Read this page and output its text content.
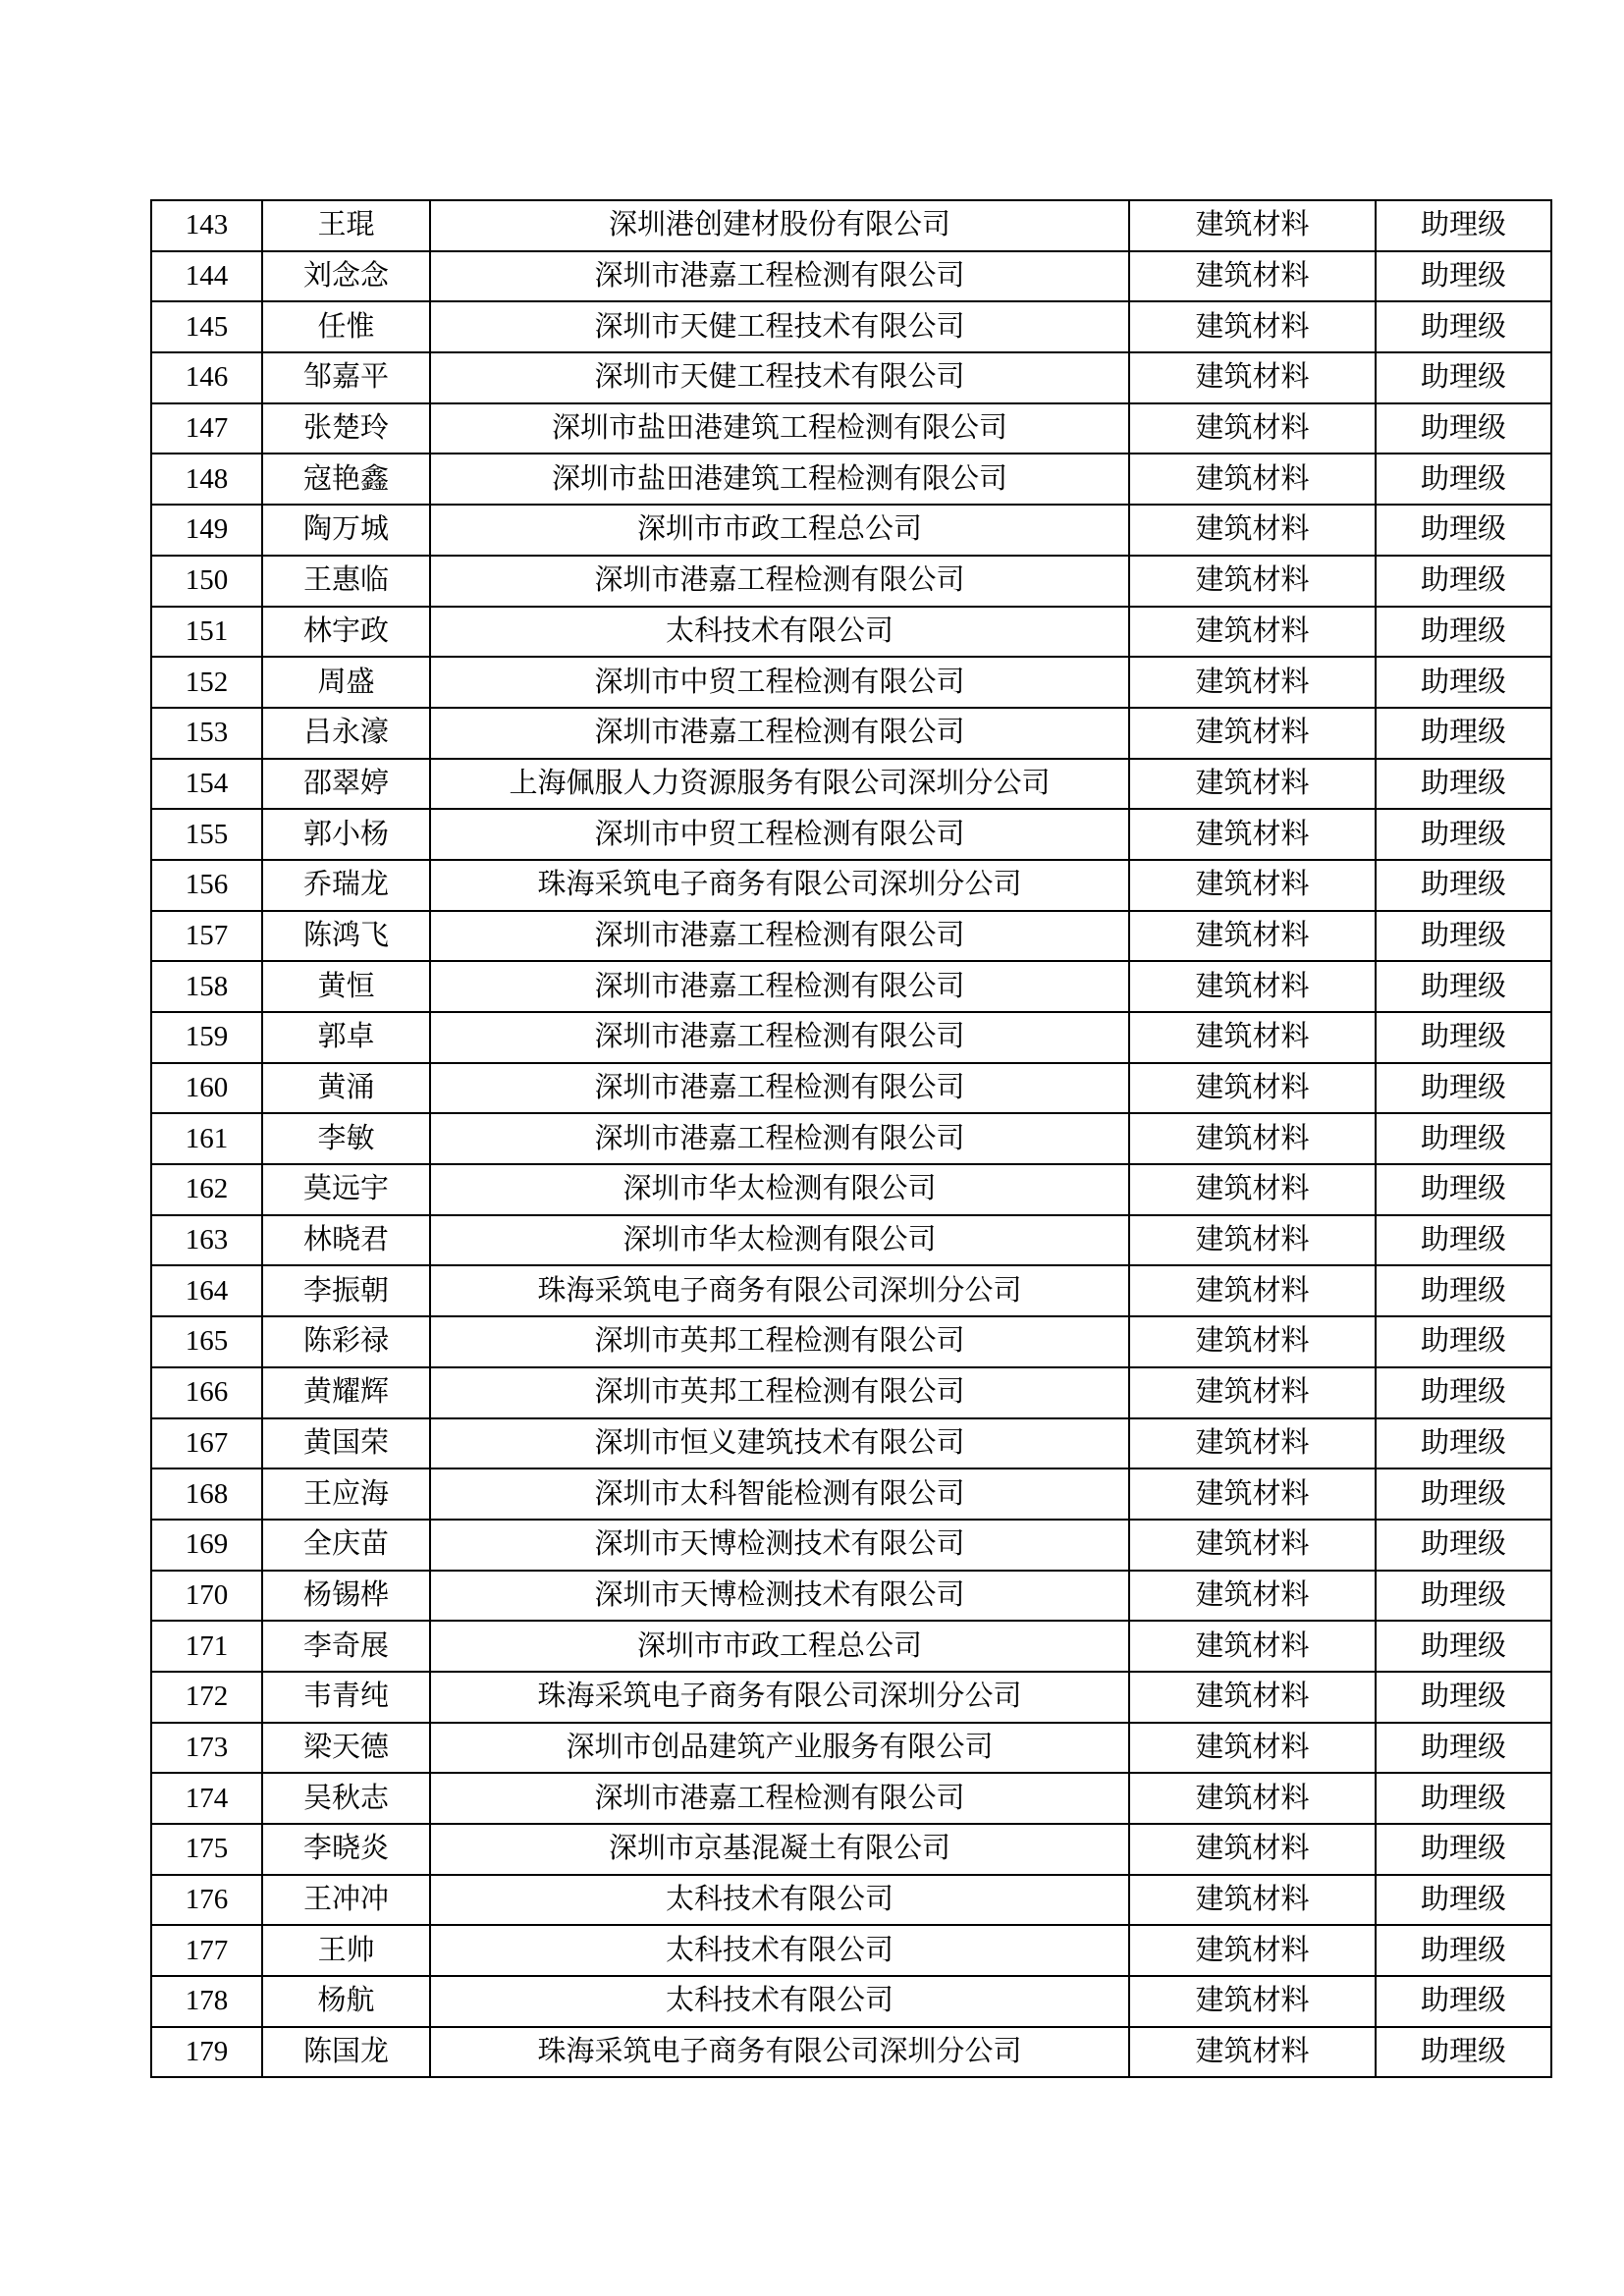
143	王琨	深圳港创建材股份有限公司	建筑材料	助理级
144	刘念念	深圳市港嘉工程检测有限公司	建筑材料	助理级
145	任惟	深圳市天健工程技术有限公司	建筑材料	助理级
146	邹嘉平	深圳市天健工程技术有限公司	建筑材料	助理级
147	张楚玲	深圳市盐田港建筑工程检测有限公司	建筑材料	助理级
148	寇艳鑫	深圳市盐田港建筑工程检测有限公司	建筑材料	助理级
149	陶万城	深圳市市政工程总公司	建筑材料	助理级
150	王惠临	深圳市港嘉工程检测有限公司	建筑材料	助理级
151	林宇政	太科技术有限公司	建筑材料	助理级
152	周盛	深圳市中贸工程检测有限公司	建筑材料	助理级
153	吕永濠	深圳市港嘉工程检测有限公司	建筑材料	助理级
154	邵翠婷	上海佩服人力资源服务有限公司深圳分公司	建筑材料	助理级
155	郭小杨	深圳市中贸工程检测有限公司	建筑材料	助理级
156	乔瑞龙	珠海采筑电子商务有限公司深圳分公司	建筑材料	助理级
157	陈鸿飞	深圳市港嘉工程检测有限公司	建筑材料	助理级
158	黄恒	深圳市港嘉工程检测有限公司	建筑材料	助理级
159	郭卓	深圳市港嘉工程检测有限公司	建筑材料	助理级
160	黄涌	深圳市港嘉工程检测有限公司	建筑材料	助理级
161	李敏	深圳市港嘉工程检测有限公司	建筑材料	助理级
162	莫远宇	深圳市华太检测有限公司	建筑材料	助理级
163	林晓君	深圳市华太检测有限公司	建筑材料	助理级
164	李振朝	珠海采筑电子商务有限公司深圳分公司	建筑材料	助理级
165	陈彩禄	深圳市英邦工程检测有限公司	建筑材料	助理级
166	黄耀辉	深圳市英邦工程检测有限公司	建筑材料	助理级
167	黄国荣	深圳市恒义建筑技术有限公司	建筑材料	助理级
168	王应海	深圳市太科智能检测有限公司	建筑材料	助理级
169	全庆苗	深圳市天博检测技术有限公司	建筑材料	助理级
170	杨锡桦	深圳市天博检测技术有限公司	建筑材料	助理级
171	李奇展	深圳市市政工程总公司	建筑材料	助理级
172	韦青纯	珠海采筑电子商务有限公司深圳分公司	建筑材料	助理级
173	梁天德	深圳市创品建筑产业服务有限公司	建筑材料	助理级
174	吴秋志	深圳市港嘉工程检测有限公司	建筑材料	助理级
175	李晓炎	深圳市京基混凝土有限公司	建筑材料	助理级
176	王冲冲	太科技术有限公司	建筑材料	助理级
177	王帅	太科技术有限公司	建筑材料	助理级
178	杨航	太科技术有限公司	建筑材料	助理级
179	陈国龙	珠海采筑电子商务有限公司深圳分公司	建筑材料	助理级
